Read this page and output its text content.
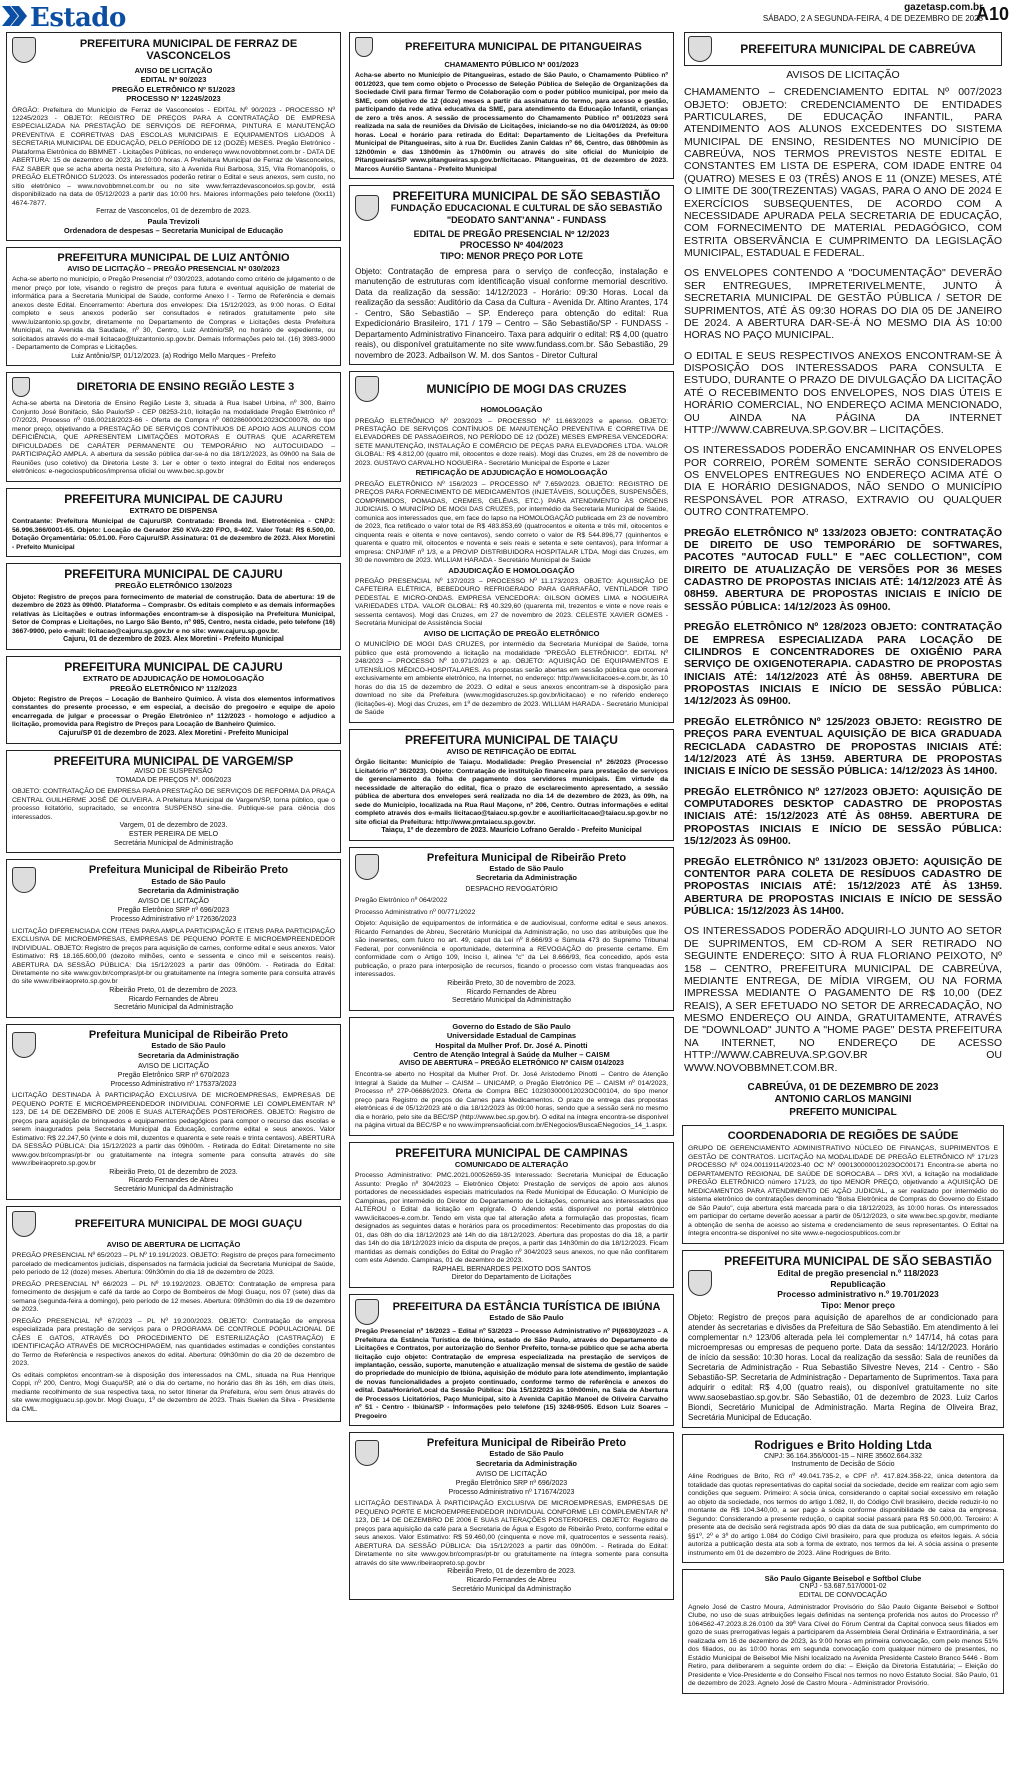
Estado	gazetasp.com.br
SÁBADO, 2 A SEGUNDA-FEIRA, 4 DE DEZEMBRO DE 2023
A10
PREFEITURA MUNICIPAL DE FERRAZ DE VASCONCELOS
AVISO DE LICITAÇÃO
EDITAL Nº 90/2023
PREGÃO ELETRÔNICO Nº 51/2023
PROCESSO Nº 12245/2023
ÓRGÃO: Prefeitura do Município de Ferraz de Vasconcelos - EDITAL Nº 90/2023 - PROCESSO Nº 12245/2023 - OBJETO: REGISTRO DE PREÇOS PARA A CONTRATAÇÃO DE EMPRESA ESPECIALIZADA NA PRESTAÇÃO DE SERVIÇOS DE REFORMA, PINTURA E MANUTENÇÃO PREVENTIVA E CORRETIVAS DAS ESCOLAS MUNICIPAIS E EQUIPAMENTOS LIGADOS À SECRETARIA MUNICIPAL DE EDUCAÇÃO, PELO PERÍODO DE 12 (DOZE) MESES. Pregão Eletrônico - Plataforma Eletrônica do BBMNET - Licitações Públicas, no endereço www.novobbmnet.com.br - DATA DE ABERTURA: 15 de dezembro de 2023, às 10:00 horas. A Prefeitura Municipal de Ferraz de Vasconcelos, FAZ SABER que se acha aberta nesta Prefeitura, sito à Avenida Rui Barbosa, 315, Vila Romanópolis, o PREGÃO ELETRÔNICO 51/2023. Os interessados poderão retirar o Edital e seus anexos, sem custo, no sítio eletrônico – www.novobbmnet.com.br ou no site www.ferrazdevasconcelos.sp.gov.br, está disponibilizado na data de 05/12/2023 a partir das 10:00 hrs. Maiores informações pelo telefone (0xx11) 4674-7877.
Ferraz de Vasconcelos, 01 de dezembro de 2023.
Paula Trevizoli
Ordenadora de despesas – Secretaria Municipal de Educação
PREFEITURA MUNICIPAL DE LUIZ ANTÔNIO
AVISO DE LICITAÇÃO – PREGÃO PRESENCIAL Nº 030/2023
Acha-se aberto no município, o Pregão Presencial nº 030/2023, adotando como critério de julgamento o de menor preço por lote, visando o registro de preços para futura e eventual aquisição de material de informática para a Secretaria Municipal de Saúde, conforme Anexo I - Termo de Referência e demais anexos deste Edital. Encerramento: Abertura dos envelopes: Dia 15/12/2023, às 9:00 horas. O Edital completo e seus anexos poderão ser consultados e retirados gratuitamente pelo site www.luizantonio.sp.gov.br, diretamente no Departamento de Compras e Licitações desta Prefeitura Municipal, na Avenida da Saudade, nº 30, Centro, Luiz Antônio/SP, no horário de expediente, ou solicitados através do e-mail licitacao@luizantonio.sp.gov.br. Demais Informações pelo tel. (16) 3983-9000 - Departamento de Compras e Licitações.
Luiz Antônio/SP, 01/12/2023. (a) Rodrigo Mello Marques - Prefeito
DIRETORIA DE ENSINO REGIÃO LESTE 3
Acha-se aberta na Diretoria de Ensino Região Leste 3, situada à Rua Isabel Urbina, nº 300, Bairro Conjunto José Bonifácio, São Paulo/SP - CEP 08253-210, licitação na modalidade Pregão Eletrônico nº 07/2023, Processo nº 016.00218/2023-66 - Oferta de Compra nº 080286000012023OC00078, do tipo menor preço, objetivando a PRESTAÇÃO DE SERVIÇOS CONTÍNUOS DE APOIO AOS ALUNOS COM DEFICIÊNCIA, QUE APRESENTEM LIMITAÇÕES MOTORAS E OUTRAS QUE ACARRETEM DIFICULDADES DE CARÁTER PERMANENTE OU TEMPORÁRIO NO AUTOCUIDADO – PARTICIPAÇÃO AMPLA. A abertura da sessão pública dar-se-á no dia 18/12/2023, às 09h00 na Sala de Reuniões (uso coletivo) da Diretoria Leste 3. Ler e obter o texto integral do Edital nos endereços eletrônicos: e-negociospublicos/imprensa oficial ou www.bec.sp.gov.br
PREFEITURA MUNICIPAL DE CAJURU
EXTRATO DE DISPENSA
Contratante: Prefeitura Municipal de Cajuru/SP. Contratada: Brenda Ind. Eletrotécnica - CNPJ: 56.996.366/0001-65. Objeto: Locação de Gerador 250 KVA-220 FPO, 8-40Z. Valor Total: R$ 6.500,00. Dotação Orçamentária: 05.01.00. Foro Cajuru/SP. Assinatura: 01 de dezembro de 2023. Alex Moretini - Prefeito Municipal
PREFEITURA MUNICIPAL DE CAJURU
PREGÃO ELETRÔNICO 130/2023
Objeto: Registro de preços para fornecimento de material de construção. Data de abertura: 19 de dezembro de 2023 às 09h00. Plataforma – Comprasbr. Os editais completo e as demais informações relativas às Licitações e outras informações encontram-se à disposição na Prefeitura Municipal, Setor de Compras e Licitações, no Largo São Bento, nº 985, Centro, nesta cidade, pelo telefone (16) 3667-9900, pelo e-mail: licitacao@cajuru.sp.gov.br e no site: www.cajuru.sp.gov.br.
Cajuru, 01 de dezembro de 2023. Alex Moretini - Prefeito Municipal
PREFEITURA MUNICIPAL DE CAJURU
EXTRATO DE ADJUDICAÇÃO DE HOMOLOGAÇÃO
PREGÃO ELETRÔNICO Nº 112/2023
Objeto: Registro de Preços – Locação de Banheiro Químico. À vista dos elementos informativos constantes do presente processo, e em especial, a decisão do pregoeiro e equipe de apoio encarregada de julgar e processar o Pregão Eletrônico nº 112/2023 - homologo e adjudico a licitação, promovida para Registro de Preços para Locação de Banheiro Químico.
Cajuru/SP 01 de dezembro de 2023. Alex Moretini - Prefeito Municipal
PREFEITURA MUNICIPAL DE VARGEM/SP
AVISO DE SUSPENSÃO
TOMADA DE PREÇOS Nº. 006/2023
OBJETO: CONTRATAÇÃO DE EMPRESA PARA PRESTAÇÃO DE SERVIÇOS DE REFORMA DA PRAÇA CENTRAL GUILHERME JOSÉ DE OLIVEIRA. A Prefeitura Municipal de Vargem/SP, torna público, que o processo licitatório, supracitado, se encontra SUSPENSO sine-die. Publique-se para ciência dos interessados.
Vargem, 01 de dezembro de 2023.
ESTER PEREIRA DE MELO
Secretária Municipal de Administração
Prefeitura Municipal de Ribeirão Preto
Estado de São Paulo
Secretaria da Administração
AVISO DE LICITAÇÃO
Pregão Eletrônico SRP nº 696/2023
Processo Administrativo nº 172636/2023
LICITAÇÃO DIFERENCIADA COM ITENS PARA AMPLA PARTICIPAÇÃO E ITENS PARA PARTICIPAÇÃO EXCLUSIVA DE MICROEMPRESAS, EMPRESAS DE PEQUENO PORTE E MICROEMPREENDEDOR INDIVIDUAL. OBJETO: Registro de preços para aquisição de carnes, conforme edital e seus anexos. Valor Estimativo: R$ 18.165.600,00 (dezoito milhões, cento e sessenta e cinco mil e seiscentos reais). ABERTURA DA SESSÃO PÚBLICA: Dia 15/12/2023 a partir das 09h00m. - Retirada do Edital: Diretamente no site www.gov.br/compras/pt-br ou gratuitamente na íntegra somente para consulta através do site www.ribeiraopreto.sp.gov.br
Ribeirão Preto, 01 de dezembro de 2023.
Ricardo Fernandes de Abreu
Secretário Municipal da Administração
Prefeitura Municipal de Ribeirão Preto
Estado de São Paulo
Secretaria da Administração
AVISO DE LICITAÇÃO
Pregão Eletrônico SRP nº 670/2023
Processo Administrativo nº 175373/2023
LICITAÇÃO DESTINADA À PARTICIPAÇÃO EXCLUSIVA DE MICROEMPRESAS, EMPRESAS DE PEQUENO PORTE E MICROEMPREENDEDOR INDIVIDUAL CONFORME LEI COMPLEMENTAR Nº 123, DE 14 DE DEZEMBRO DE 2006 E SUAS ALTERAÇÕES POSTERIORES. OBJETO: Registro de preços para aquisição de brinquedos e equipamentos pedagógicos para compor o recurso das escolas e serem inaugurados pela Secretaria Municipal da Educação, conforme edital e seus anexos. Valor Estimativo: R$ 22.247,50 (vinte e dois mil, duzentos e quarenta e sete reais e trinta centavos). ABERTURA DA SESSÃO PÚBLICA: Dia 15/12/2023 a partir das 09h00m. - Retirada do Edital: Diretamente no site www.gov.br/compras/pt-br ou gratuitamente na íntegra somente para consulta através do site www.ribeiraopreto.sp.gov.br
Ribeirão Preto, 01 de dezembro de 2023.
Ricardo Fernandes de Abreu
Secretário Municipal da Administração
PREFEITURA MUNICIPAL DE MOGI GUAÇU
AVISO DE ABERTURA DE LICITAÇÃO

PREGÃO PRESENCIAL Nº 65/2023 – PL Nº 19.191/2023. OBJETO: Registro de preços para fornecimento parcelado de medicamentos judiciais, dispensados na farmácia judicial da Secretaria Municipal de Saúde, pelo período de 12 (doze) meses. Abertura: 09h30min do dia 18 de dezembro de 2023.

PREGÃO PRESENCIAL Nº 66/2023 – PL Nº 19.192/2023. OBJETO: Contratação de empresa para fornecimento de desjejum e café da tarde ao Corpo de Bombeiros de Mogi Guaçu, nos 07 (sete) dias da semana (segunda-feira a domingo), pelo período de 12 meses. Abertura: 09h30min do dia 19 de dezembro de 2023.

PREGÃO PRESENCIAL Nº 67/2023 – PL Nº 19.200/2023. OBJETO: Contratação de empresa especializada para prestação de serviços para o PROGRAMA DE CONTROLE POPULACIONAL DE CÃES E GATOS, ATRAVÉS DO PROCEDIMENTO DE ESTERILIZAÇÃO (CASTRAÇÃO) E IDENTIFICAÇÃO ATRAVÉS DE MICROCHIPAGEM, nas quantidades estimadas e condições constantes do Termo de Referência e respectivos anexos do edital. Abertura: 09h30min do dia 20 de dezembro de 2023.

Os editais completos encontram-se à disposição dos interessados na CML, situada na Rua Henrique Coppi, nº 200, Centro, Mogi Guaçu/SP, até o dia do certame, no horário das 8h às 16h, em dias úteis, mediante recolhimento de sua respectiva taxa, no setor Itinerar da Prefeitura, e/ou sem ônus através do site www.mogiguacu.sp.gov.br. Mogi Guaçu, 1º de dezembro de 2023. Thais Suelen da Silva - Presidente da CML.

PREFEITURA MUNICIPAL DE PITANGUEIRAS
CHAMAMENTO PÚBLICO Nº 001/2023
Acha-se aberto no Município de Pitangueiras, estado de São Paulo, o Chamamento Público nº 001/2023, que tem como objeto o Processo de Seleção Pública de Seleção de Organizações da Sociedade Civil para firmar Termo de Colaboração com o poder público municipal, por meio da SME, com objetivo de 12 (doze) meses a partir da assinatura do termo, para acesso e gestão, participando da rede ativa educativa da SME, para atendimento da Educação Infantil, crianças de zero a três anos. A sessão de processamento do Chamamento Público nº 001/2023 será realizada na sala de reuniões da Divisão de Licitações, iniciando-se no dia 04/01/2024, às 09:00 horas. Local e horário para retirada do Edital: Departamento de Licitações da Prefeitura Municipal de Pitangueiras, sito à rua Dr. Euclides Zanin Caldas nº 66, Centro, das 08h00min às 12h00min e das 13h00min às 17h00min ou através do site oficial do Município de Pitangueiras/SP www.pitangueiras.sp.gov.br/licitacao. Pitangueiras, 01 de dezembro de 2023. Marcos Aurélio Santana - Prefeito Municipal
PREFEITURA MUNICIPAL DE SÃO SEBASTIÃO
FUNDAÇÃO EDUCACIONAL E CULTURAL DE SÃO SEBASTIÃO "DEODATO SANT'ANNA" - FUNDASS
EDITAL DE PREGÃO PRESENCIAL Nº 12/2023
PROCESSO Nº 404/2023
TIPO: MENOR PREÇO POR LOTE
Objeto: Contratação de empresa para o serviço de confecção, instalação e manutenção de estruturas com identificação visual conforme memorial descritivo. Data da realização da sessão: 14/12/2023 - Horário: 09:30 Horas. Local da realização da sessão: Auditório da Casa da Cultura - Avenida Dr. Altino Arantes, 174 - Centro, São Sebastião – SP. Endereço para obtenção do edital: Rua Expedicionário Brasileiro, 171 / 179 – Centro – São Sebastião/SP - FUNDASS - Departamento Administrativo Financeiro. Taxa para adquirir o edital: R$ 4,00 (quatro reais), ou disponível gratuitamente no site www.fundass.com.br. São Sebastião, 29 novembro de 2023. Adbailson W. M. dos Santos - Diretor Cultural
MUNICÍPIO DE MOGI DAS CRUZES
HOMOLOGAÇÃO
PREGÃO ELETRÔNICO Nº 203/2023 – PROCESSO Nº 11.663/2023 e apenso. OBJETO: PRESTAÇÃO DE SERVIÇOS CONTÍNUOS DE MANUTENÇÃO PREVENTIVA E CORRETIVA DE ELEVADORES DE PASSAGEIROS, NO PERÍODO DE 12 (DOZE) MESES EMPRESA VENCEDORA: SETE MANUTENÇÃO, INSTALAÇÃO E COMÉRCIO DE PEÇAS PARA ELEVADORES LTDA. VALOR GLOBAL: R$ 4.812,00 (quatro mil, oitocentos e doze reais). Mogi das Cruzes, em 28 de novembro de 2023. GUSTAVO CARVALHO NOGUEIRA - Secretário Municipal de Esporte e Lazer
RETIFICAÇÃO DE ADJUDICAÇÃO E HOMOLOGAÇÃO
PREGÃO ELETRÔNICO Nº 156/2023 – PROCESSO Nº 7.659/2023. OBJETO: REGISTRO DE PREÇOS PARA FORNECIMENTO DE MEDICAMENTOS (INJETÁVEIS, SOLUÇÕES, SUSPENSÕES, COMPRIMIDOS, POMADAS, CREMES, GELÉIAS, ETC.) PARA ATENDIMENTO ÀS ORDENS JUDICIAIS. O MUNICÍPIO DE MOGI DAS CRUZES, por intermédio da Secretaria Municipal de Saúde, comunica aos interessados que, em face do lapso na HOMOLOGAÇÃO publicada em 23 de novembro de 2023, fica retificado o valor total de R$ 483.853,69 (quatrocentos e oitenta e três mil, oitocentos e cinquenta reais e oitenta e nove centavos), sendo correto o valor de R$ 544.896,77 (quinhentos e quarenta e quatro mil, oitocentos e noventa e seis reais e setenta e sete centavos), para Informar a empresa: CNPJ/MF nº 1/3, e a PROVIP DISTRIBUIDORA HOSPITALAR LTDA. Mogi das Cruzes, em 30 de novembro de 2023. WILLIAM HARADA - Secretário Municipal de Saúde
ADJUDICAÇÃO E HOMOLOGAÇÃO
PREGÃO PRESENCIAL Nº 137/2023 – PROCESSO Nº 11.173/2023. OBJETO: AQUISIÇÃO DE CAFETEIRA ELÉTRICA, BEBEDOURO REFRIGERADO PARA GARRAFÃO, VENTILADOR TIPO PEDESTAL E MICRO-ONDAS. EMPRESA VENCEDORA: GILSON GOMES LIMA e NOGUEIRA VARIEDADES LTDA. VALOR GLOBAL: R$ 40.329,60 (quarenta mil, trezentos e vinte e nove reais e sessenta centavos). Mogi das Cruzes, em 27 de novembro de 2023. CELESTE XAVIER GOMES - Secretária Municipal de Assistência Social
AVISO DE LICITAÇÃO DE PREGÃO ELETRÔNICO
O MUNICÍPIO DE MOGI DAS CRUZES, por intermédio da Secretaria Municipal de Saúde, torna público que está promovendo a licitação na modalidade "PREGÃO ELETRÔNICO". EDITAL Nº 248/2023 – PROCESSO Nº 10.971/2023 e ap. OBJETO: AQUISIÇÃO DE EQUIPAMENTOS E UTENSÍLIOS MÉDICO-HOSPITALARES. As propostas serão abertas em sessão pública que ocorrerá exclusivamente em ambiente eletrônico, na Internet, no endereço: http://www.licitacoes-e.com.br, às 10 horas do dia 15 de dezembro de 2023. O edital e seus anexos encontram-se à disposição para download no site da Prefeitura (www.mogidascruzes.sp.gov.br/licitacao) e no referido endereço (licitações-e). Mogi das Cruzes, em 1º de dezembro de 2023. WILLIAM HARADA - Secretário Municipal de Saúde
PREFEITURA MUNICIPAL DE TAIAÇU
AVISO DE RETIFICAÇÃO DE EDITAL
Órgão licitante: Município de Taiaçu. Modalidade: Pregão Presencial nº 26/2023 (Processo Licitatório nº 36/2023). Objeto: Contratação de instituição financeira para prestação de serviços de gerenciamento da folha de pagamento dos servidores municipais. Em virtude da necessidade de alteração do edital, fica o prazo de esclarecimento apresentado, a sessão pública de abertura dos envelopes será realizada no dia 14 de dezembro de 2023, às 09h, na sede do Município, localizada na Rua Raul Maçone, nº 206, Centro. Outras informações e edital completo através dos e-mails licitacao@taiacu.sp.gov.br e auxiliarlicitacao@taiacu.sp.gov.br no site oficial da Prefeitura: http://www.pmtaiacu.sp.gov.br.
Taiaçu, 1º de dezembro de 2023. Maurício Lofrano Geraldo - Prefeito Municipal
Prefeitura Municipal de Ribeirão Preto
Estado de São Paulo
Secretaria da Administração
DESPACHO REVOGATÓRIO
Pregão Eletrônico nº 064/2022
Processo Administrativo nº 00/771/2022
Objeto: Aquisição de equipamentos de informática e de audiovisual, conforme edital e seus anexos. Ricardo Fernandes de Abreu, Secretário Municipal da Administração, no uso das atribuições que lhe são inerentes, com fulcro no art. 49, caput da Lei nº 8.666/93 e Súmula 473 do Supremo Tribunal Federal, por conveniência e oportunidade, determina a REVOGAÇÃO do presente certame. Em conformidade com o Artigo 109, Inciso I, alínea "c" da Lei 8.666/93, fica concedido, após esta publicação, o prazo para interposição de recursos, ficando o processo com vistas franqueadas aos interessados.
Ribeirão Preto, 30 de novembro de 2023.
Ricardo Fernandes de Abreu
Secretário Municipal da Administração
Governo do Estado de São Paulo
Universidade Estadual de Campinas
Hospital da Mulher Prof. Dr. José A. Pinotti
Centro de Atenção Integral à Saúde da Mulher – CAISM
AVISO DE ABERTURA – PREGÃO ELETRÔNICO Nº CAISM 014/2023
Encontra-se aberto no Hospital da Mulher Prof. Dr. José Aristodemo Pinotti – Centro de Atenção Integral à Saúde da Mulher – CAISM – UNICAMP, o Pregão Eletrônico PE – CAISM nº 014/2023, Processo nº 27P-06686/2023. Oferta de Compra BEC 102303000012023OC00104, do tipo menor preço para Registro de preços de Carnes para Medicamentos. O prazo de entrega das propostas eletrônicas é de 05/12/2023 até o dia 18/12/2023 às 09:00 horas, sendo que a sessão será no mesmo dia e horário, pelo site da BEC/SP (http://www.bec.sp.gov.br). O edital na íntegra encontra-se disponível na página virtual da BEC/SP e no www.imprensaoficial.com.br/ENegocios/BuscaENegocios_14_1.aspx.
PREFEITURA MUNICIPAL DE CAMPINAS
COMUNICADO DE ALTERAÇÃO
Processo Administrativo: PMC.2021.00052659-35 Interessado: Secretaria Municipal de Educação Assunto: Pregão nº 304/2023 – Eletrônico Objeto: Prestação de serviços de apoio aos alunos portadores de necessidades especiais matriculados na Rede Municipal de Educação. O Município de Campinas, por intermédio do Diretor do Departamento de Licitações, comunica aos interessados que ALTEROU o Edital da licitação em epígrafe. O Adendo está disponível no portal eletrônico www.licitacoes-e.com.br. Tendo em vista que tal alteração afeta a formulação das propostas, ficam designados as seguintes datas e horários para os procedimentos: Recebimento das propostas do dia 01, das 08h do dia 18/12/2023 até 14h do dia 18/12/2023. Abertura das propostas do dia 18, a partir das 14h do dia 18/12/2023 início da disputa de preços, a partir das 14h30min do dia 18/12/2023. Ficam mantidas as demais condições do Edital do Pregão nº 304/2023 seus anexos, no que não conflitarem com este Adendo. Campinas, 01 de dezembro de 2023.
RAPHAEL BERNARDES PEIXOTO DOS SANTOS
Diretor do Departamento de Licitações
PREFEITURA DA ESTÂNCIA TURÍSTICA DE IBIÚNA
Estado de São Paulo
Pregão Presencial nº 16/2023 – Edital nº 53/2023 – Processo Administrativo nº PI(6630)/2023 – A Prefeitura da Estância Turística de Ibiúna, estado de São Paulo, através do Departamento de Licitações e Contratos, por autorização do Senhor Prefeito, torna-se público que se acha aberta licitação cujo objeto: Contratação de empresa especializada na prestação de serviços de implantação, cessão, suporte, manutenção e atualização mensal de sistema de gestão de saúde do propriedade do município de Ibiúna, aquisição de módulo para lote atendimento, implantação de novas funcionalidades a projeto continuado, conforme termo de referência e anexos do edital. Data/Horário/Local da Sessão Pública: Dia 15/12/2023 às 10h00min, na Sala de Abertura de Processos Licitatórios, Paço Municipal, sito à Avenida Capitão Manoel de Oliveira Carvalho nº 51 - Centro - Ibiúna/SP - Informações pelo telefone (15) 3248-9505. Edson Luiz Soares – Pregoeiro
Prefeitura Municipal de Ribeirão Preto
Estado de São Paulo
Secretaria da Administração
AVISO DE LICITAÇÃO
Pregão Eletrônico SRP nº 696/2023
Processo Administrativo nº 171674/2023
LICITAÇÃO DESTINADA À PARTICIPAÇÃO EXCLUSIVA DE MICROEMPRESAS, EMPRESAS DE PEQUENO PORTE E MICROEMPREENDEDOR INDIVIDUAL CONFORME LEI COMPLEMENTAR Nº 123, DE 14 DE DEZEMBRO DE 2006 E SUAS ALTERAÇÕES POSTERIORES. OBJETO: Registro de preços para aquisição da café para a Secretaria de Água e Esgoto de Ribeirão Preto, conforme edital e seus anexos. Valor Estimativo: R$ 59.460,00 (cinquenta e nove mil, quatrocentos e sessenta reais). ABERTURA DA SESSÃO PÚBLICA: Dia 15/12/2023 a partir das 09h00m. - Retirada do Edital: Diretamente no site www.gov.br/compras/pt-br ou gratuitamente na íntegra somente para consulta através do site www.ribeiraopreto.sp.gov.br
Ribeirão Preto, 01 de dezembro de 2023.
Ricardo Fernandes de Abreu
Secretário Municipal da Administração
PREFEITURA MUNICIPAL DE CABREÚVA
AVISOS DE LICITAÇÃO

CHAMAMENTO – CREDENCIAMENTO EDITAL Nº 007/2023 OBJETO: OBJETO: CREDENCIAMENTO DE ENTIDADES PARTICULARES, DE EDUCAÇÃO INFANTIL, PARA ATENDIMENTO AOS ALUNOS EXCEDENTES DO SISTEMA MUNICIPAL DE ENSINO, RESIDENTES NO MUNICÍPIO DE CABREÚVA, NOS TERMOS PREVISTOS NESTE EDITAL E CONSTANTES EM LISTA DE ESPERA, COM IDADE ENTRE 04 (QUATRO) MESES E 03 (TRÊS) ANOS E 11 (ONZE) MESES, ATÉ O LIMITE DE 300(TREZENTAS) VAGAS, PARA O ANO DE 2024 E EXERCÍCIOS SUBSEQUENTES, DE ACORDO COM A NECESSIDADE APURADA PELA SECRETARIA DE EDUCAÇÃO, COM FORNECIMENTO DE MATERIAL PEDAGÓGICO, COM ESTRITA OBSERVÂNCIA E CUMPRIMENTO DA LEGISLAÇÃO MUNICIPAL, ESTADUAL E FEDERAL.

OS ENVELOPES CONTENDO A "DOCUMENTAÇÃO" DEVERÃO SER ENTREGUES, IMPRETERIVELMENTE, JUNTO À SECRETARIA MUNICIPAL DE GESTÃO PÚBLICA / SETOR DE SUPRIMENTOS, ATÉ ÀS 09:30 HORAS DO DIA 05 DE JANEIRO DE 2024. A ABERTURA DAR-SE-Á NO MESMO DIA ÀS 10:00 HORAS NO PAÇO MUNICIPAL.

O EDITAL E SEUS RESPECTIVOS ANEXOS ENCONTRAM-SE À DISPOSIÇÃO DOS INTERESSADOS PARA CONSULTA E ESTUDO, DURANTE O PRAZO DE DIVULGAÇÃO DA LICITAÇÃO ATÉ O RECEBIMENTO DOS ENVELOPES, NOS DIAS ÚTEIS E HORÁRIO COMERCIAL, NO ENDEREÇO ACIMA MENCIONADO, OU AINDA NA PÁGINA DA INTERNET HTTP://WWW.CABREUVA.SP.GOV.BR – LICITAÇÕES.

OS INTERESSADOS PODERÃO ENCAMINHAR OS ENVELOPES POR CORREIO, PORÉM SOMENTE SERÃO CONSIDERADOS OS ENVELOPES ENTREGUES NO ENDEREÇO ACIMA ATÉ O DIA E HORÁRIO DESIGNADOS, NÃO SENDO O MUNICÍPIO RESPONSÁVEL POR ATRASO, EXTRAVIO OU QUALQUER OUTRO CONTRATEMPO.

PREGÃO ELETRÔNICO Nº 133/2023 OBJETO: CONTRATAÇÃO DE DIREITO DE USO TEMPORÁRIO DE SOFTWARES, PACOTES "AUTOCAD FULL" E "AEC COLLECTION", COM DIREITO DE ATUALIZAÇÃO DE VERSÕES POR 36 MESES CADASTRO DE PROPOSTAS INICIAIS ATÉ: 14/12/2023 ATÉ ÀS 08H59. ABERTURA DE PROPOSTAS INICIAIS E INÍCIO DE SESSÃO PÚBLICA: 14/12/2023 ÀS 09H00.

PREGÃO ELETRÔNICO Nº 128/2023 OBJETO: CONTRATAÇÃO DE EMPRESA ESPECIALIZADA PARA LOCAÇÃO DE CILINDROS E CONCENTRADORES DE OXIGÊNIO PARA SERVIÇO DE OXIGENOTERAPIA. CADASTRO DE PROPOSTAS INICIAIS ATÉ: 14/12/2023 ATÉ ÀS 08H59. ABERTURA DE PROPOSTAS INICIAIS E INÍCIO DE SESSÃO PÚBLICA: 14/12/2023 ÀS 09H00.

PREGÃO ELETRÔNICO Nº 125/2023 OBJETO: REGISTRO DE PREÇOS PARA EVENTUAL AQUISIÇÃO DE BICA GRADUADA RECICLADA CADASTRO DE PROPOSTAS INICIAIS ATÉ: 14/12/2023 ATÉ ÀS 13H59. ABERTURA DE PROPOSTAS INICIAIS E INÍCIO DE SESSÃO PÚBLICA: 14/12/2023 ÀS 14H00.

PREGÃO ELETRÔNICO Nº 127/2023 OBJETO: AQUISIÇÃO DE COMPUTADORES DESKTOP CADASTRO DE PROPOSTAS INICIAIS ATÉ: 15/12/2023 ATÉ ÀS 08H59. ABERTURA DE PROPOSTAS INICIAIS E INÍCIO DE SESSÃO PÚBLICA: 15/12/2023 ÀS 09H00.

PREGÃO ELETRÔNICO Nº 131/2023 OBJETO: AQUISIÇÃO DE CONTENTOR PARA COLETA DE RESÍDUOS CADASTRO DE PROPOSTAS INICIAIS ATÉ: 15/12/2023 ATÉ ÀS 13H59. ABERTURA DE PROPOSTAS INICIAIS E INÍCIO DE SESSÃO PÚBLICA: 15/12/2023 ÀS 14H00.

OS INTERESSADOS PODERÃO ADQUIRI-LO JUNTO AO SETOR DE SUPRIMENTOS, EM CD-ROM A SER RETIRADO NO SEGUINTE ENDEREÇO: SITO À RUA FLORIANO PEIXOTO, Nº 158 – CENTRO, PREFEITURA MUNICIPAL DE CABREÚVA, MEDIANTE ENTREGA, DE MÍDIA VIRGEM, OU NA FORMA IMPRESSA MEDIANTE O PAGAMENTO DE R$ 10,00 (DEZ REAIS), A SER EFETUADO NO SETOR DE ARRECADAÇÃO, NO MESMO ENDEREÇO OU AINDA, GRATUITAMENTE, ATRAVÉS DE "DOWNLOAD" JUNTO A "HOME PAGE" DESTA PREFEITURA NA INTERNET, NO ENDEREÇO DE ACESSO HTTP://WWW.CABREUVA.SP.GOV.BR OU WWW.NOVOBBMNET.COM.BR.

CABREÚVA, 01 DE DEZEMBRO DE 2023
ANTONIO CARLOS MANGINI
PREFEITO MUNICIPAL
COORDENADORIA DE REGIÕES DE SAÚDE
GRUPO DE GERENCIAMENTO ADMINISTRATIVO NÚCLEO DE FINANÇAS, SUPRIMENTOS E GESTÃO DE CONTRATOS. LICITAÇÃO NA MODALIDADE DE PREGÃO ELETRÔNICO Nº 171/23 PROCESSO Nº 024.00119114/2023-40 OC Nº 090130000012023OC00171 Encontra-se aberta no DEPARTAMENTO REGIONAL DE SAÚDE DE SOROCABA – DRS XVI, a licitação na modalidade PREGÃO ELETRÔNICO número 171/23, do tipo MENOR PREÇO, objetivando a AQUISIÇÃO DE MEDICAMENTOS PARA ATENDIMENTO DE AÇÃO JUDICIAL, a ser realizado por intermédio do sistema eletrônico de contratações denominado "Bolsa Eletrônica de Compras do Governo do Estado de São Paulo", cuja abertura está marcada para o dia 18/12/2023, às 10:00 horas. Os interessados em participar do certame deverão acessar a partir de 05/12/2023, o site www.bec.sp.gov.br, mediante a obtenção de senha de acesso ao sistema e credenciamento de seus representantes. O Edital na íntegra encontra-se disponível no site www.e-negociospublicos.com.br
PREFEITURA MUNICIPAL DE SÃO SEBASTIÃO
Edital de pregão presencial n.º 118/2023
Republicação
Processo administrativo n.º 19.701/2023
Tipo: Menor preço
Objeto: Registro de preços para aquisição de aparelhos de ar condicionado para atender às secretarias e divisões da Prefeitura de São Sebastião. Em atendimento à lei complementar n.º 123/06 alterada pela lei complementar n.º 147/14, há cotas para microempresas ou empresas de pequeno porte. Data da sessão: 14/12/2023. Horário de início da sessão: 10:30 horas. Local da realização da sessão: Sala de reuniões da Secretaria de Administração - Rua Sebastião Silvestre Neves, 214 - Centro - São Sebastião-SP. Secretaria de Administração - Departamento de Suprimentos. Taxa para adquirir o edital: R$ 4,00 (quatro reais), ou disponível gratuitamente no site www.saosebastiao.sp.gov.br. São Sebastião, 01 de dezembro de 2023. Luiz Carlos Biondi, Secretário Municipal de Administração. Marta Regina de Oliveira Braz, Secretária Municipal de Educação.
Rodrigues e Brito Holding Ltda
CNPJ: 36.164.356/0001-15 – NIRE 35602.664.332
Instrumento de Decisão de Sócio
Aline Rodrigues de Brito, RG nº 49.041.735-2, e CPF nº. 417.824.358-22, única detentora da totalidade das quotas representativas do capital social da sociedade, decide em realizar com agio sem condições que seguem. Primeiro: A sócia única, considerando o capital social excessivo em relação ao objeto da sociedade, nos termos do artigo 1.082, II, do Código Civil brasileiro, decide reduzir-lo no montante de R$ 104.340,00, a ser pago à sócia conforme disponibilidade de caixa da empresa. Segundo: Considerando a presente redução, o capital social passará para R$ 50.000,00. Terceiro: A presente ata de decisão será registrada após 90 dias da data de sua publicação, em cumprimento do §§1º, 2º e 3º do artigo 1.084 do Código Civil brasileiro, para que produza os efeitos legais. A sócia autoriza a publicação desta ata sob a forma de extrato, nos termos da lei. A sócia assina o presente instrumento em 01 de dezembro de 2023. Aline Rodrigues de Brito.
São Paulo Gigante Beisebol e Softbol Clube
CNPJ - 53.687.517/0001-02
EDITAL DE CONVOCAÇÃO
Agnelo José de Castro Moura, Administrador Provisório do São Paulo Gigante Beisebol e Softbol Clube, no uso de suas atribuições legais definidas na sentença proferida nos autos do Processo nº 1064562-47.2023.8.26.0100 da 39ª Vara Cível do Fórum Central da Capital convoca seus filiados em gozo de suas prerrogativas legais a participarem da Assembleia Geral Ordinária e Extraordinária, a ser realizada em 16 de dezembro de 2023, às 9:00 horas em primeira convocação, com pelo menos 51% dos filiados, ou às 10:00 horas em segunda convocação com qualquer número de presentes, no Estádio Municipal de Beisebol Mie Nishi localizado na Avenida Presidente Castelo Branco 5446 - Bom Retiro, para deliberarem a seguinte ordem do dia: – Eleição da Diretoria Estatutária; – Eleição do Presidente e Vice-Presidente e do Conselho Fiscal nos termos no novo Estatuto Social. São Paulo, 01 de dezembro de 2023. Agnelo José de Castro Moura - Administrador Provisório.
